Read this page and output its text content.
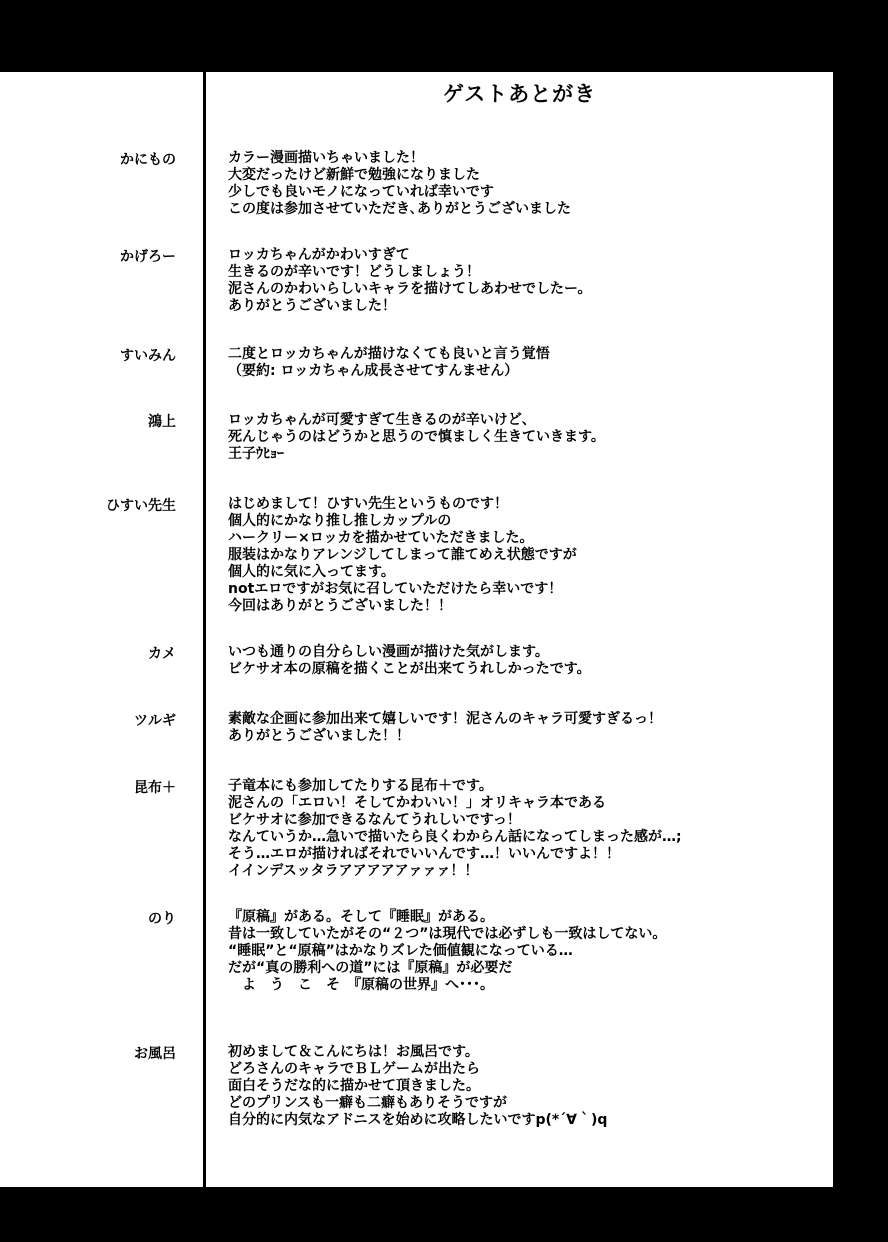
ゲストあとがき
かにもの	カラー漫画描いちゃいました！
大変だったけど新鮮で勉強になりました
少しでも良いモノになっていれば幸いです
この度は参加させていただき､ありがとうございました
かげろー	ロッカちゃんがかわいすぎて
生きるのが辛いです！どうしましょう！
泥さんのかわいらしいキャラを描けてしあわせでしたー。
ありがとうございました！
すいみん	二度とロッカちゃんが描けなくても良いと言う覚悟
（要約: ロッカちゃん成長させてすんません）
鴻上	ロッカちゃんが可愛すぎて生きるのが辛いけど、
死んじゃうのはどうかと思うので慎ましく生きていきます。
王子ｳﾋｮｰ
ひすい先生	はじめまして！ひすい先生というものです！
個人的にかなり推し推しカップルの
ハークリー×ロッカを描かせていただきました。
服装はかなりアレンジしてしまって誰てめえ状態ですが
個人的に気に入ってます。
notエロですがお気に召していただけたら幸いです！
今回はありがとうございました！！
カメ	いつも通りの自分らしい漫画が描けた気がします。
ビケサオ本の原稿を描くことが出来てうれしかったです。
ツルギ	素敵な企画に参加出来て嬉しいです！泥さんのキャラ可愛すぎるっ！
ありがとうございました！！
昆布＋	子竜本にも参加してたりする昆布＋です。
泥さんの「エロい！そしてかわいい！」オリキャラ本である
ビケサオに参加できるなんてうれしいですっ！
なんていうか…急いで描いたら良くわからん話になってしまった感が…;
そう…エロが描ければそれでいいんです…！いいんですよ！！
イインデスッタラアアアアアァァァ！！
のり	『原稿』がある。そして『睡眠』がある。
昔は一致していたがその“２つ”は現代では必ずしも一致はしてない。
“睡眠”と“原稿”はかなりズレた価値観になっている…
だが“真の勝利への道”には『原稿』が必要だ
　よ　う　こ　そ　『原稿の世界』へ･･･。
お風呂	初めまして＆こんにちは！お風呂です。
どろさんのキャラでＢＬゲームが出たら
面白そうだな的に描かせて頂きました。
どのプリンスも一癖も二癖もありそうですが
自分的に内気なアドニスを始めに攻略したいですp(*´∀｀)q
